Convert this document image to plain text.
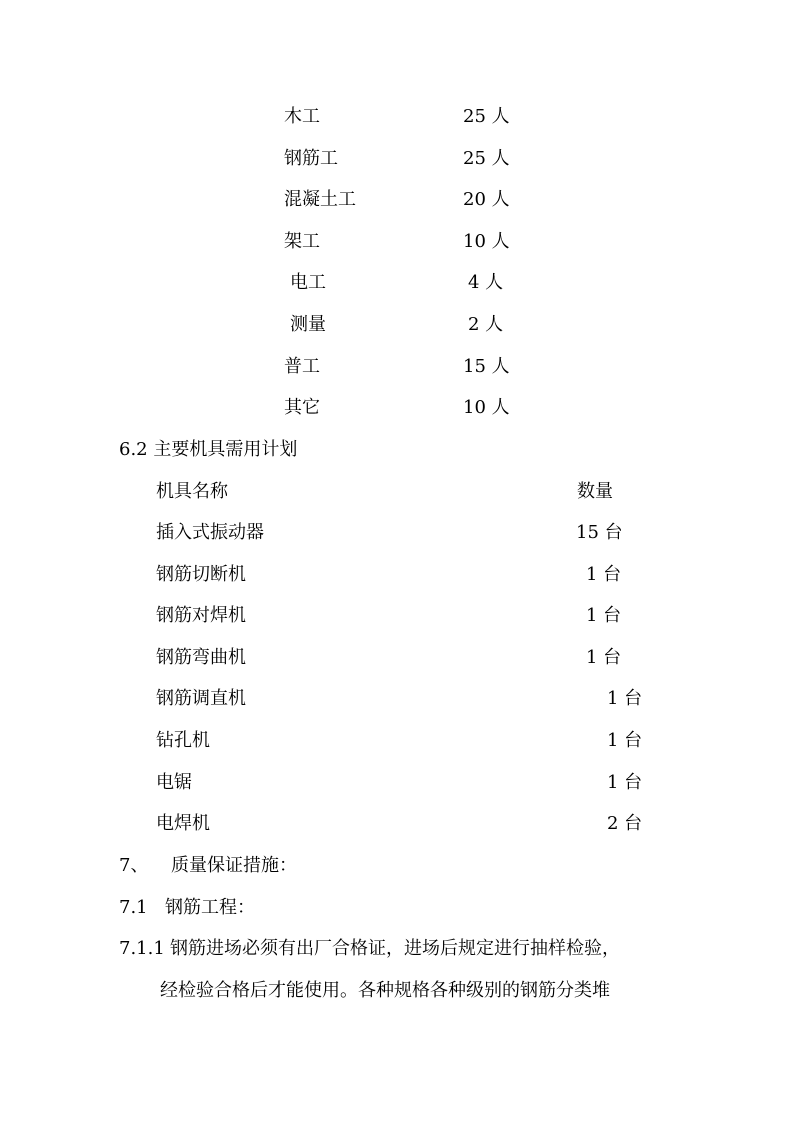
木工	25 人
钢筋工	25 人
混凝土工	20 人
架工	10 人
电工	4 人
测量	2 人
普工	15 人
其它	10 人
6.2 主要机具需用计划
机具名称	数量
插入式振动器	15 台
钢筋切断机	1 台
钢筋对焊机	1 台
钢筋弯曲机	1 台
钢筋调直机	1 台
钻孔机	1 台
电锯	1 台
电焊机	2 台
7、 质量保证措施：
7.1 钢筋工程：
7.1.1 钢筋进场必须有出厂合格证，进场后规定进行抽样检验，
经检验合格后才能使用。各种规格各种级别的钢筋分类堆
